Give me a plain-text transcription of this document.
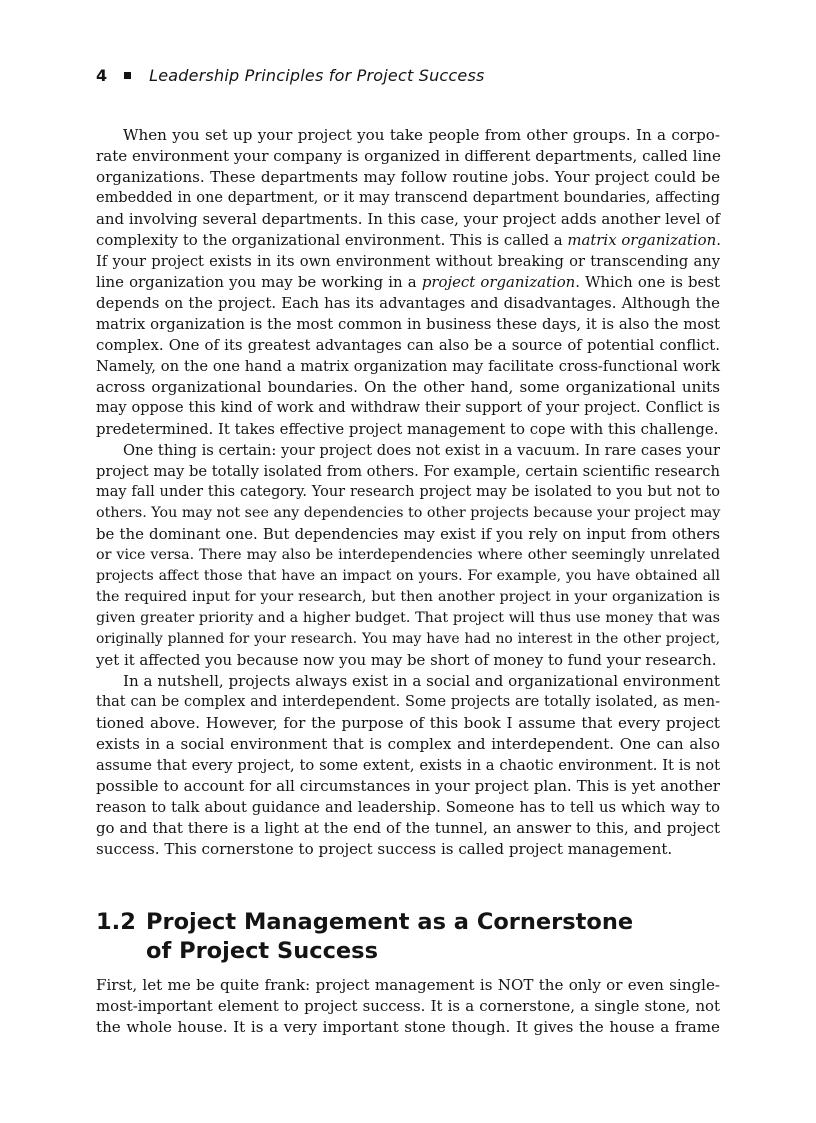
4	Leadership Principles for Project Success
When you set up your project you take people from other groups. In a corpo-
rate environment your company is organized in different departments, called line
organizations. These departments may follow routine jobs. Your project could be
embedded in one department, or it may transcend department boundaries, affecting
and involving several departments. In this case, your project adds another level of
complexity to the organizational environment. This is called a matrix organization.
If your project exists in its own environment without breaking or transcending any
line organization you may be working in a project organization. Which one is best
depends on the project. Each has its advantages and disadvantages. Although the
matrix organization is the most common in business these days, it is also the most
complex. One of its greatest advantages can also be a source of potential conflict.
Namely, on the one hand a matrix organization may facilitate cross-functional work
across organizational boundaries. On the other hand, some organizational units
may oppose this kind of work and withdraw their support of your project. Conflict is
predetermined. It takes effective project management to cope with this challenge.
One thing is certain: your project does not exist in a vacuum. In rare cases your
project may be totally isolated from others. For example, certain scientific research
may fall under this category. Your research project may be isolated to you but not to
others. You may not see any dependencies to other projects because your project may
be the dominant one. But dependencies may exist if you rely on input from others
or vice versa. There may also be interdependencies where other seemingly unrelated
projects affect those that have an impact on yours. For example, you have obtained all
the required input for your research, but then another project in your organization is
given greater priority and a higher budget. That project will thus use money that was
originally planned for your research. You may have had no interest in the other project,
yet it affected you because now you may be short of money to fund your research.
In a nutshell, projects always exist in a social and organizational environment
that can be complex and interdependent. Some projects are totally isolated, as men-
tioned above. However, for the purpose of this book I assume that every project
exists in a social environment that is complex and interdependent. One can also
assume that every project, to some extent, exists in a chaotic environment. It is not
possible to account for all circumstances in your project plan. This is yet another
reason to talk about guidance and leadership. Someone has to tell us which way to
go and that there is a light at the end of the tunnel, an answer to this, and project
success. This cornerstone to project success is called project management.
1.2 Project Management as a Cornerstone
of Project Success
First, let me be quite frank: project management is NOT the only or even single-
most-important element to project success. It is a cornerstone, a single stone, not
the whole house. It is a very important stone though. It gives the house a frame
